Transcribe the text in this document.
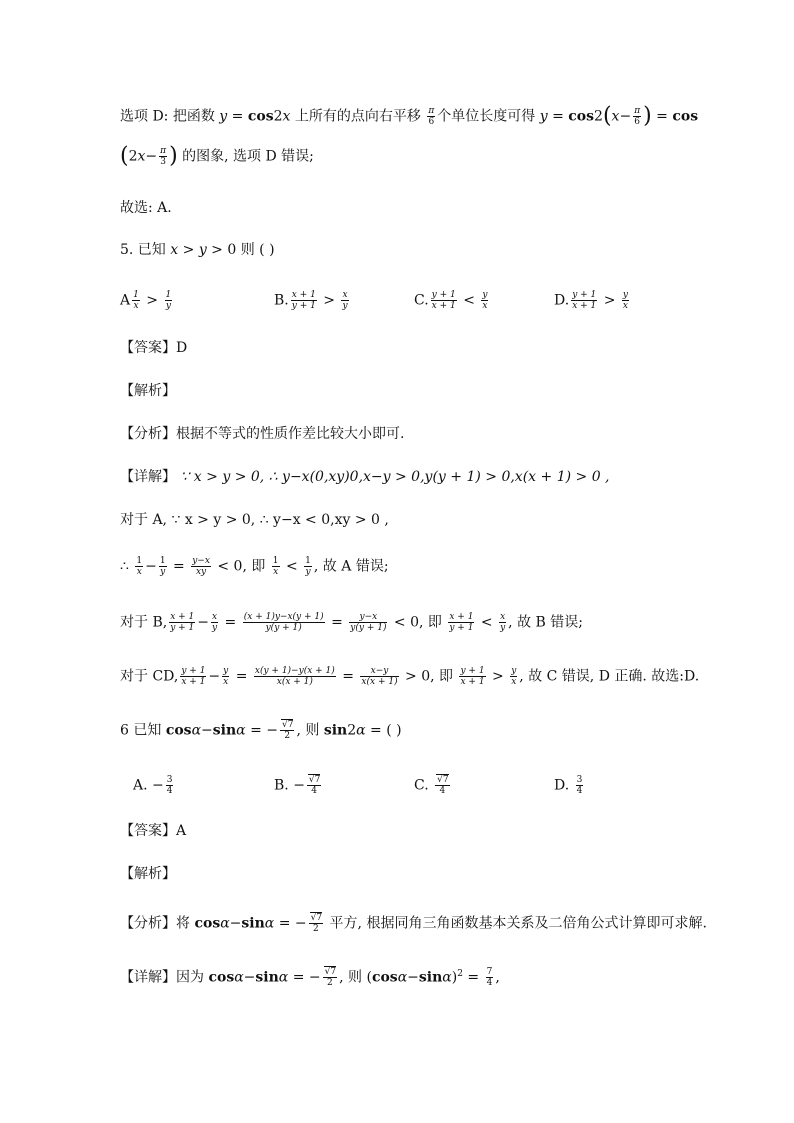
选项 D: 把函数 y = cos2x 上所有的点向右平移 $\frac{\pi}{6}$ 个单位长度可得 $y = \cos 2(x- \frac{\pi}{6}$ ) = cos
($2x- \frac{\pi}{3}$ ) 的图象, 选项 D 错误;
故选: A.
5. 已知 x > y > 0 则 ( )
A $\frac{1}{x} > \frac{1}{y}$	B. $\frac{x + 1}{y + 1} > \frac{x}{y}$	C. $\frac{y + 1}{x + 1} < \frac{y}{x}$	D. $\frac{y + 1}{x + 1} > \frac{y}{x}$
【答案】D
【解析】
【分析】根据不等式的性质作差比较大小即可.
【详解】 ∵ x > y > 0, ∴ y−x(0,xy)0,x−y > 0,y(y + 1) > 0,x(x + 1) > 0 ,
对于 A, ∵ x > y > 0, ∴ y−x < 0,xy > 0 ,
∴ $\frac{1}{x} - \frac{1}{y} = \frac{y-x}{xy} < 0$, 即 $\frac{1}{x} < \frac{1}{y}$ , 故 A 错误;
对于 B, $\frac{x + 1}{y + 1} - \frac{x}{y} = \frac{(x + 1)y-x(y + 1)}{y(y + 1)} = \frac{y-x}{y(y + 1)} < 0$, 即 $\frac{x + 1}{y + 1} < \frac{x}{y}$ , 故 B 错误;
对于 CD, $\frac{y + 1}{x + 1} - \frac{y}{x} = \frac{x(y + 1)-y(x + 1)}{x(x + 1)} = \frac{x-y}{x(x + 1)} > 0$, 即 $\frac{y + 1}{x + 1} > \frac{y}{x}$ , 故 C 错误, D 正确. 故选:D.
6 已知 cosα−sinα = − $\frac{√7}{2}$ , 则 sin2α = ( )
A. − $\frac{3}{4}$	B. − $\frac{√7}{4}$	C. $\frac{√7}{4}$	D. $\frac{3}{4}$
【答案】A
【解析】
【分析】将 cosα−sinα = − $\frac{√7}{2}$ 平方, 根据同角三角函数基本关系及二倍角公式计算即可求解.
【详解】因为 cosα−sinα = − $\frac{√7}{2}$ , 则 $(\cos\alpha-\sin\alpha)^2 = \frac{7}{4}$ ,
